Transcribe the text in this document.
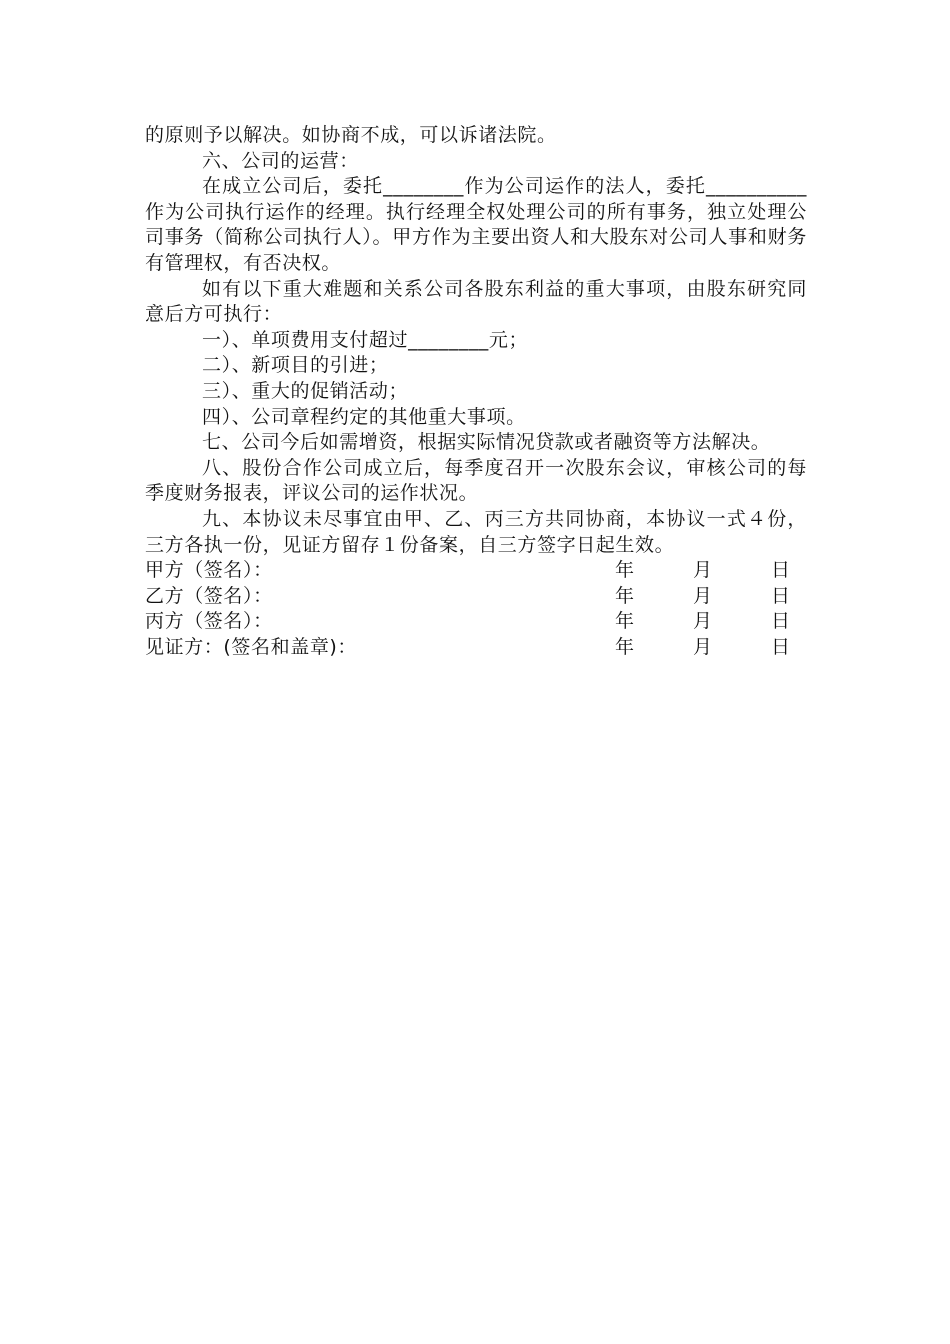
的原则予以解决。如协商不成，可以诉诸法院。

六、公司的运营：

在成立公司后，委托________作为公司运作的法人，委托__________作为公司执行运作的经理。执行经理全权处理公司的所有事务，独立处理公司事务（简称公司执行人）。甲方作为主要出资人和大股东对公司人事和财务有管理权，有否决权。

如有以下重大难题和关系公司各股东利益的重大事项，由股东研究同意后方可执行：

一）、单项费用支付超过________元；

二）、新项目的引进；

三）、重大的促销活动；

四）、公司章程约定的其他重大事项。

七、公司今后如需增资，根据实际情况贷款或者融资等方法解决。

八、股份合作公司成立后，每季度召开一次股东会议，审核公司的每季度财务报表，评议公司的运作状况。

九、本协议未尽事宜由甲、乙、丙三方共同协商，本协议一式４份，三方各执一份，见证方留存１份备案，自三方签字日起生效。

甲方（签名）：	年	月	日
乙方（签名）：	年	月	日
丙方（签名）：	年	月	日
见证方：(签名和盖章)：	年	月	日
